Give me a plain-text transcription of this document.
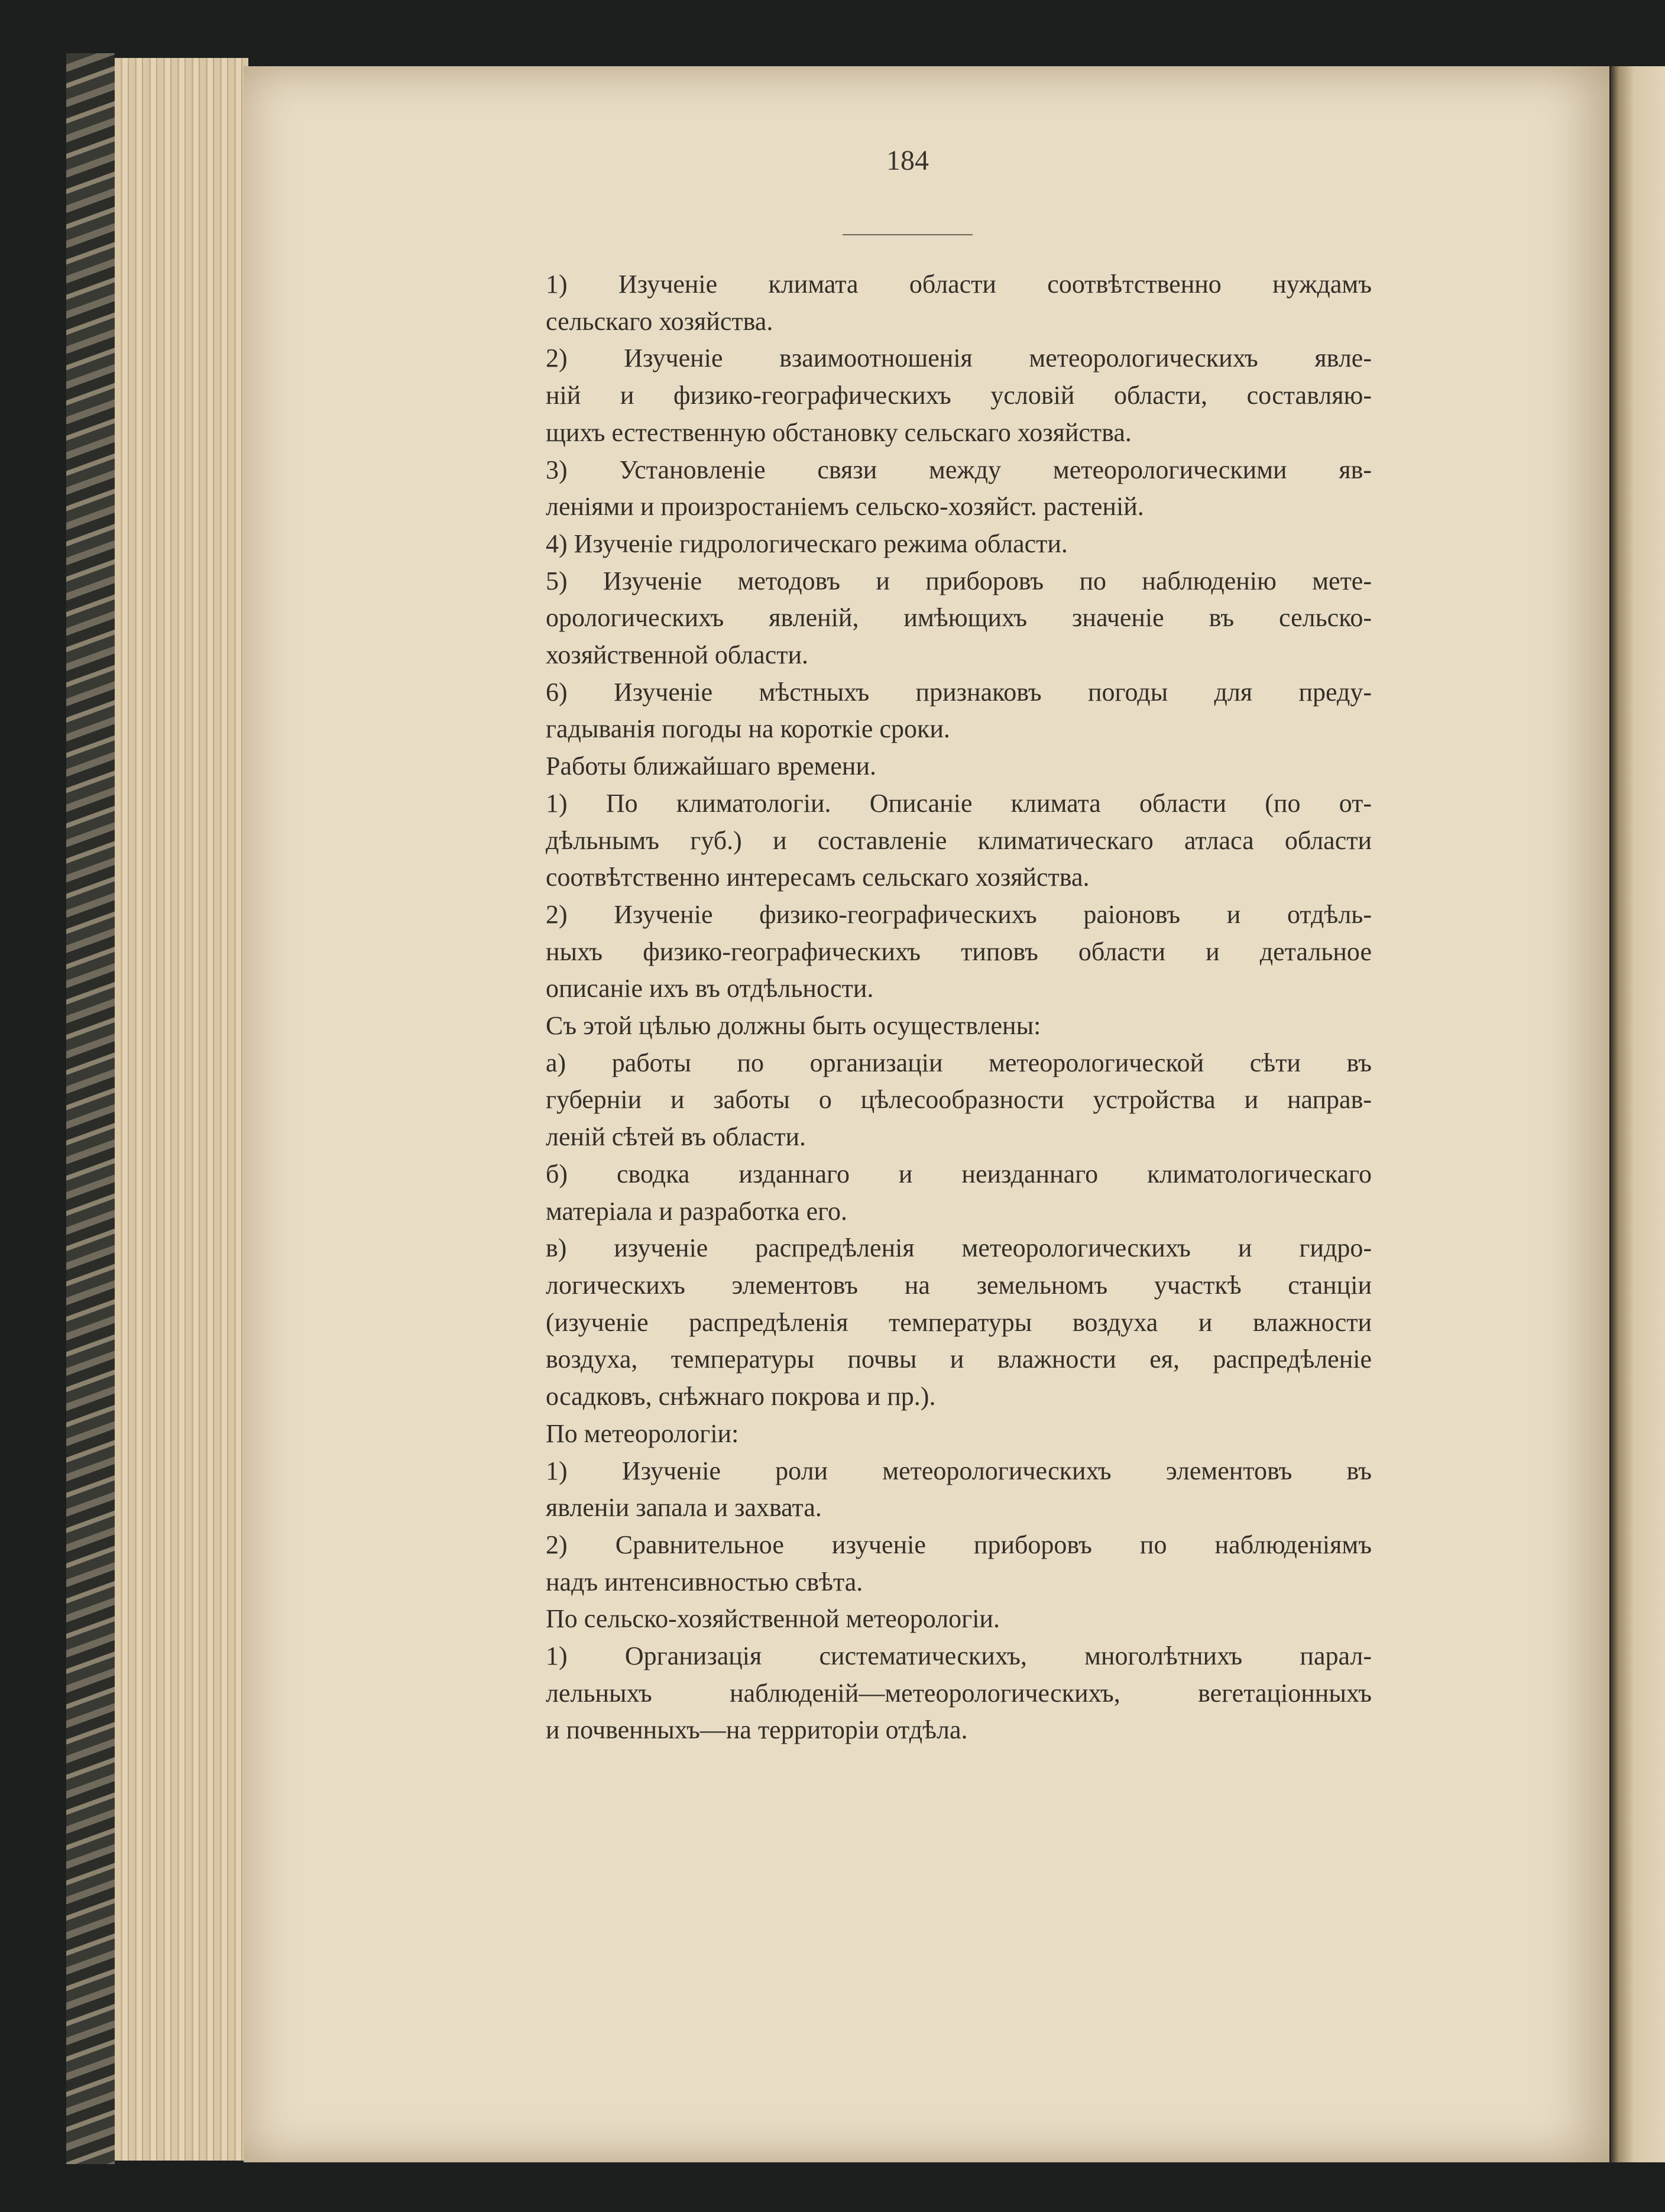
184

1) Изученіе климата области соотвѣтственно нуждамъ
сельскаго хозяйства.

2) Изученіе взаимоотношенія метеорологическихъ явле-
ній и физико-географическихъ условій области, составляю-
щихъ естественную обстановку сельскаго хозяйства.

3) Установленіе связи между метеорологическими яв-
леніями и произростаніемъ сельско-хозяйст. растеній.

4) Изученіе гидрологическаго режима области.

5) Изученіе методовъ и приборовъ по наблюденію мете-
орологическихъ явленій, имѣющихъ значеніе въ сельско-
хозяйственной области.

6) Изученіе мѣстныхъ признаковъ погоды для преду-
гадыванія погоды на короткіе сроки.

Работы ближайшаго времени.

1) По климатологіи. Описаніе климата области (по от-
дѣльнымъ губ.) и составленіе климатическаго атласа области
соотвѣтственно интересамъ сельскаго хозяйства.

2) Изученіе физико-географическихъ раіоновъ и отдѣль-
ныхъ физико-географическихъ типовъ области и детальное
описаніе ихъ въ отдѣльности.

Съ этой цѣлью должны быть осуществлены:

а) работы по организаціи метеорологической сѣти въ
губерніи и заботы о цѣлесообразности устройства и направ-
леній сѣтей въ области.

б) сводка изданнаго и неизданнаго климатологическаго
матеріала и разработка его.

в) изученіе распредѣленія метеорологическихъ и гидро-
логическихъ элементовъ на земельномъ участкѣ станціи
(изученіе распредѣленія температуры воздуха и влажности
воздуха, температуры почвы и влажности ея, распредѣленіе
осадковъ, снѣжнаго покрова и пр.).

По метеорологіи:

1) Изученіе роли метеорологическихъ элементовъ въ
явленіи запала и захвата.

2) Сравнительное изученіе приборовъ по наблюденіямъ
надъ интенсивностью свѣта.

По сельско-хозяйственной метеорологіи.

1) Организація систематическихъ, многолѣтнихъ парал-
лельныхъ наблюденій—метеорологическихъ, вегетаціонныхъ
и почвенныхъ—на территоріи отдѣла.
